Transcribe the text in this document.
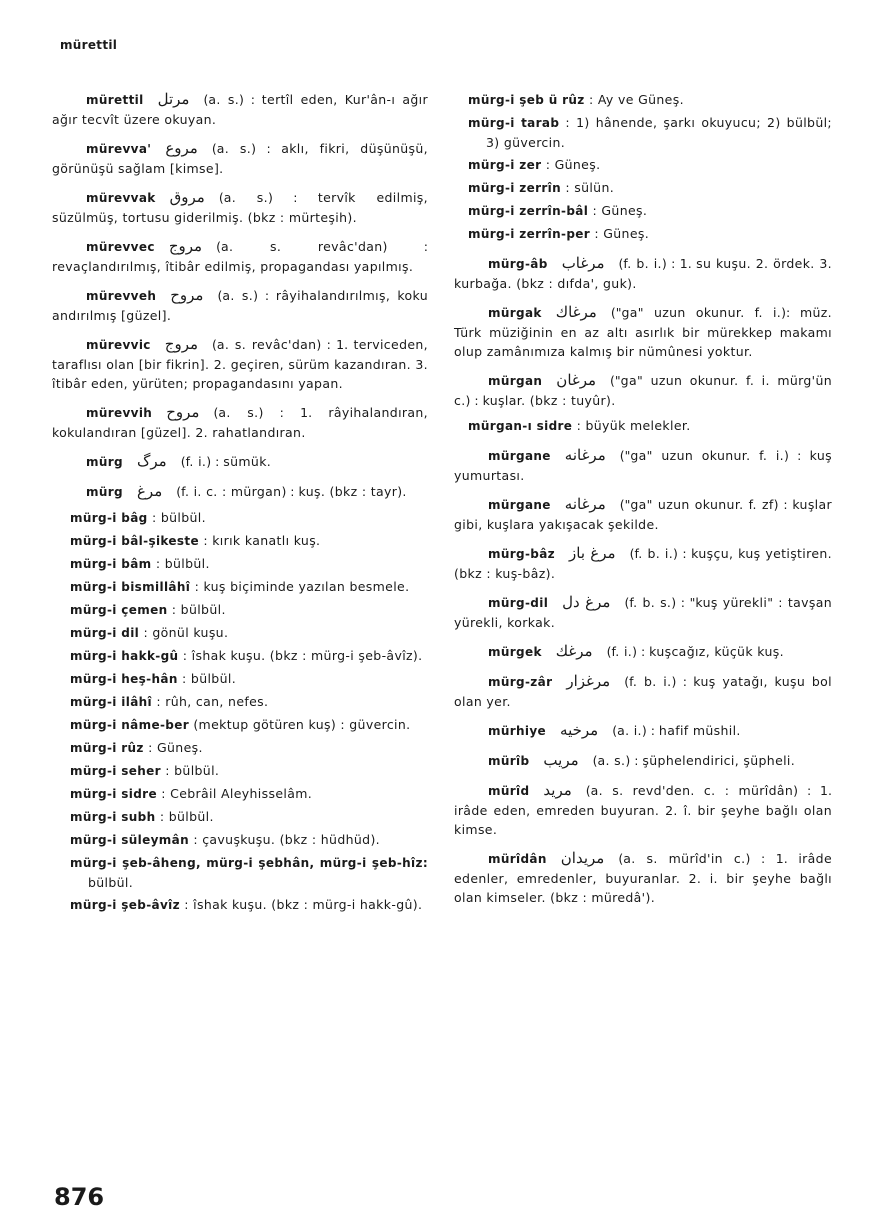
mürettil
mürettil مرتل (a. s.) : tertîl eden, Kur'ân-ı ağır ağır tecvît üzere okuyan.
mürevva' مروع (a. s.) : aklı, fikri, düşünüşü, görünüşü sağlam [kimse].
mürevvak مروق (a. s.) : tervîk edilmiş, süzülmüş, tortusu giderilmiş. (bkz : mürteşih).
mürevvec مروج (a. s. revâc'dan) : revaçlandırılmış, îtibâr edilmiş, propagandası yapılmış.
mürevveh مروح (a. s.) : râyihalandırılmış, koku andırılmış [güzel].
mürevvic مروج (a. s. revâc'dan) : 1. terviceden, taraflısı olan [bir fikrin]. 2. geçiren, sürüm kazandıran. 3. îtibâr eden, yürüten; propagandasını yapan.
mürevvih مروح (a. s.) : 1. râyihalandıran, kokulandıran [güzel]. 2. rahatlandıran.
mürg مرگ (f. i.) : sümük.
mürg مرغ (f. i. c. : mürgan) : kuş. (bkz : tayr).
mürg-i bâg : bülbül.
mürg-i bâl-şikeste : kırık kanatlı kuş.
mürg-i bâm : bülbül.
mürg-i bismillâhî : kuş biçiminde yazılan besmele.
mürg-i çemen : bülbül.
mürg-i dil : gönül kuşu.
mürg-i hakk-gû : îshak kuşu. (bkz : mürg-i şeb-âvîz).
mürg-i heş-hân : bülbül.
mürg-i ilâhî : rûh, can, nefes.
mürg-i nâme-ber (mektup götüren kuş) : güvercin.
mürg-i rûz : Güneş.
mürg-i seher : bülbül.
mürg-i sidre : Cebrâil Aleyhisselâm.
mürg-i subh : bülbül.
mürg-i süleymân : çavuşkuşu. (bkz : hüdhüd).
mürg-i şeb-âheng, mürg-i şebhân, mürg-i şeb-hîz: bülbül.
mürg-i şeb-âvîz : îshak kuşu. (bkz : mürg-i hakk-gû).
mürg-i şeb ü rûz : Ay ve Güneş.
mürg-i tarab : 1) hânende, şarkı okuyucu; 2) bülbül; 3) güvercin.
mürg-i zer : Güneş.
mürg-i zerrîn : sülün.
mürg-i zerrîn-bâl : Güneş.
mürg-i zerrîn-per : Güneş.
mürg-âb مرغاب (f. b. i.) : 1. su kuşu. 2. ördek. 3. kurbağa. (bkz : dıfda', guk).
mürgak مرغاك ("ga" uzun okunur. f. i.): müz. Türk müziğinin en az altı asırlık bir mürekkep makamı olup zamânımıza kalmış bir nümûnesi yoktur.
mürgan مرغان ("ga" uzun okunur. f. i. mürg'ün c.) : kuşlar. (bkz : tuyûr).
mürgan-ı sidre : büyük melekler.
mürgane مرغانه ("ga" uzun okunur. f. i.) : kuş yumurtası.
mürgane مرغانه ("ga" uzun okunur. f. zf) : kuşlar gibi, kuşlara yakışacak şekilde.
mürg-bâz مرغ باز (f. b. i.) : kuşçu, kuş yetiştiren. (bkz : kuş-bâz).
mürg-dil مرغ دل (f. b. s.) : "kuş yürekli" : tavşan yürekli, korkak.
mürgek مرغك (f. i.) : kuşcağız, küçük kuş.
mürg-zâr مرغزار (f. b. i.) : kuş yatağı, kuşu bol olan yer.
mürhiye مرخيه (a. i.) : hafif müshil.
mürîb مريب (a. s.) : şüphelendirici, şüpheli.
mürîd مريد (a. s. revd'den. c. : mürîdân) : 1. irâde eden, emreden buyuran. 2. î. bir şeyhe bağlı olan kimse.
mürîdân مريدان (a. s. mürîd'in c.) : 1. irâde edenler, emredenler, buyuranlar. 2. i. bir şeyhe bağlı olan kimseler. (bkz : müredâ').
876
